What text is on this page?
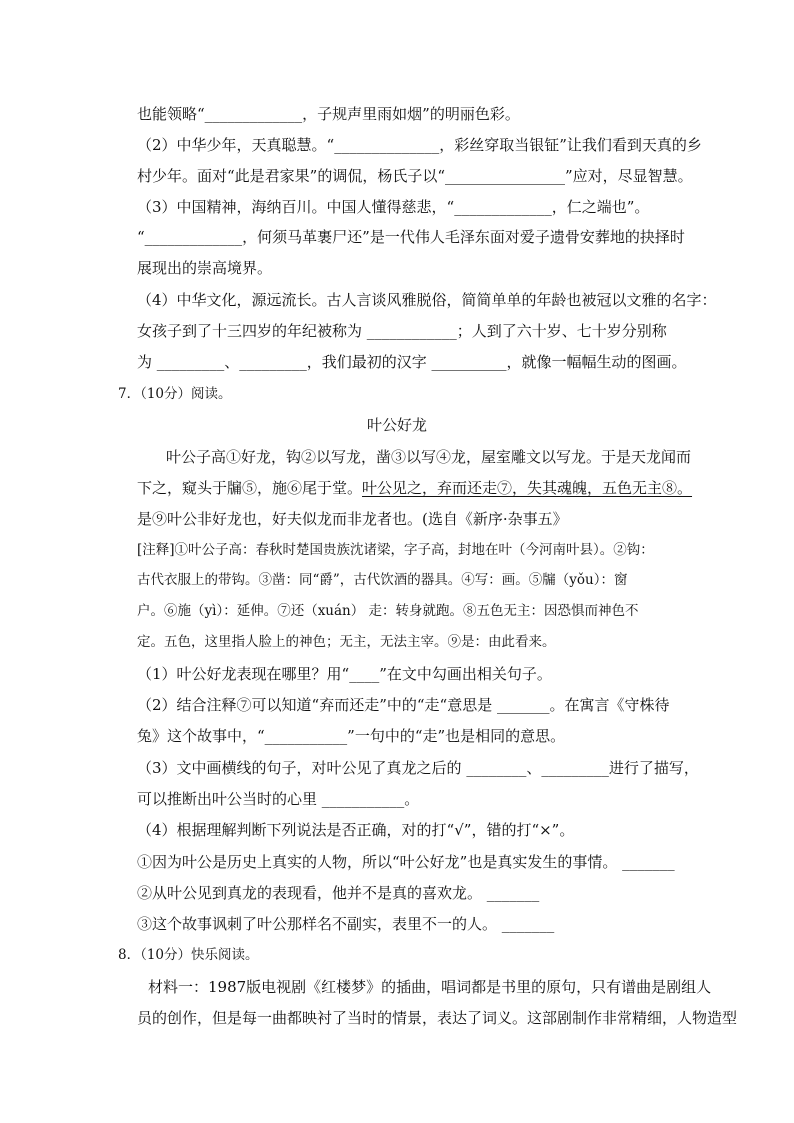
也能领略“_____________，子规声里雨如烟”的明丽色彩。
（2）中华少年，天真聪慧。“______________，彩丝穿取当银钲”让我们看到天真的乡
村少年。面对“此是君家果”的调侃，杨氏子以“________________”应对，尽显智慧。
（3）中国精神，海纳百川。中国人懂得慈悲，“_____________，仁之端也”。
“_____________，何须马革裹尸还”是一代伟人毛泽东面对爱子遗骨安葬地的抉择时
展现出的崇高境界。
（4）中华文化，源远流长。古人言谈风雅脱俗，简简单单的年龄也被冠以文雅的名字：
女孩子到了十三四岁的年纪被称为 ____________；人到了六十岁、七十岁分别称
为 _________、_________，我们最初的汉字 __________，就像一幅幅生动的图画。
7．（10分）阅读。
叶公好龙
叶公子高①好龙，钩②以写龙，凿③以写④龙，屋室雕文以写龙。于是天龙闻而
下之，窥头于牖⑤，施⑥尾于堂。叶公见之，弃而还走⑦，失其魂魄，五色无主⑧。
是⑨叶公非好龙也，好夫似龙而非龙者也。(选自《新序·杂事五》
[注释]①叶公子高：春秋时楚国贵族沈诸梁，字子高，封地在叶（今河南叶县）。②钩：
古代衣服上的带钩。③凿：同“爵”，古代饮酒的器具。④写：画。⑤牖（yǒu）：窗
户。⑥施（yì）：延伸。⑦还（xuán） 走：转身就跑。⑧五色无主：因恐惧而神色不
定。五色，这里指人脸上的神色；无主，无法主宰。⑨是：由此看来。
（1）叶公好龙表现在哪里？用“____”在文中勾画出相关句子。
（2）结合注释⑦可以知道“弃而还走”中的“走“意思是 _______。在寓言《守株待
兔》这个故事中，“___________”一句中的“走”也是相同的意思。
（3）文中画横线的句子，对叶公见了真龙之后的 ________、_________进行了描写，
可以推断出叶公当时的心里 ___________。
（4）根据理解判断下列说法是否正确，对的打“√”，错的打“×”。
①因为叶公是历史上真实的人物，所以“叶公好龙”也是真实发生的事情。 _______
②从叶公见到真龙的表现看，他并不是真的喜欢龙。 _______
③这个故事讽刺了叶公那样名不副实，表里不一的人。 _______
8．（10分）快乐阅读。
材料一：1987版电视剧《红楼梦》的插曲，唱词都是书里的原句，只有谱曲是剧组人
员的创作，但是每一曲都映衬了当时的情景，表达了词义。这部剧制作非常精细，人物造型
